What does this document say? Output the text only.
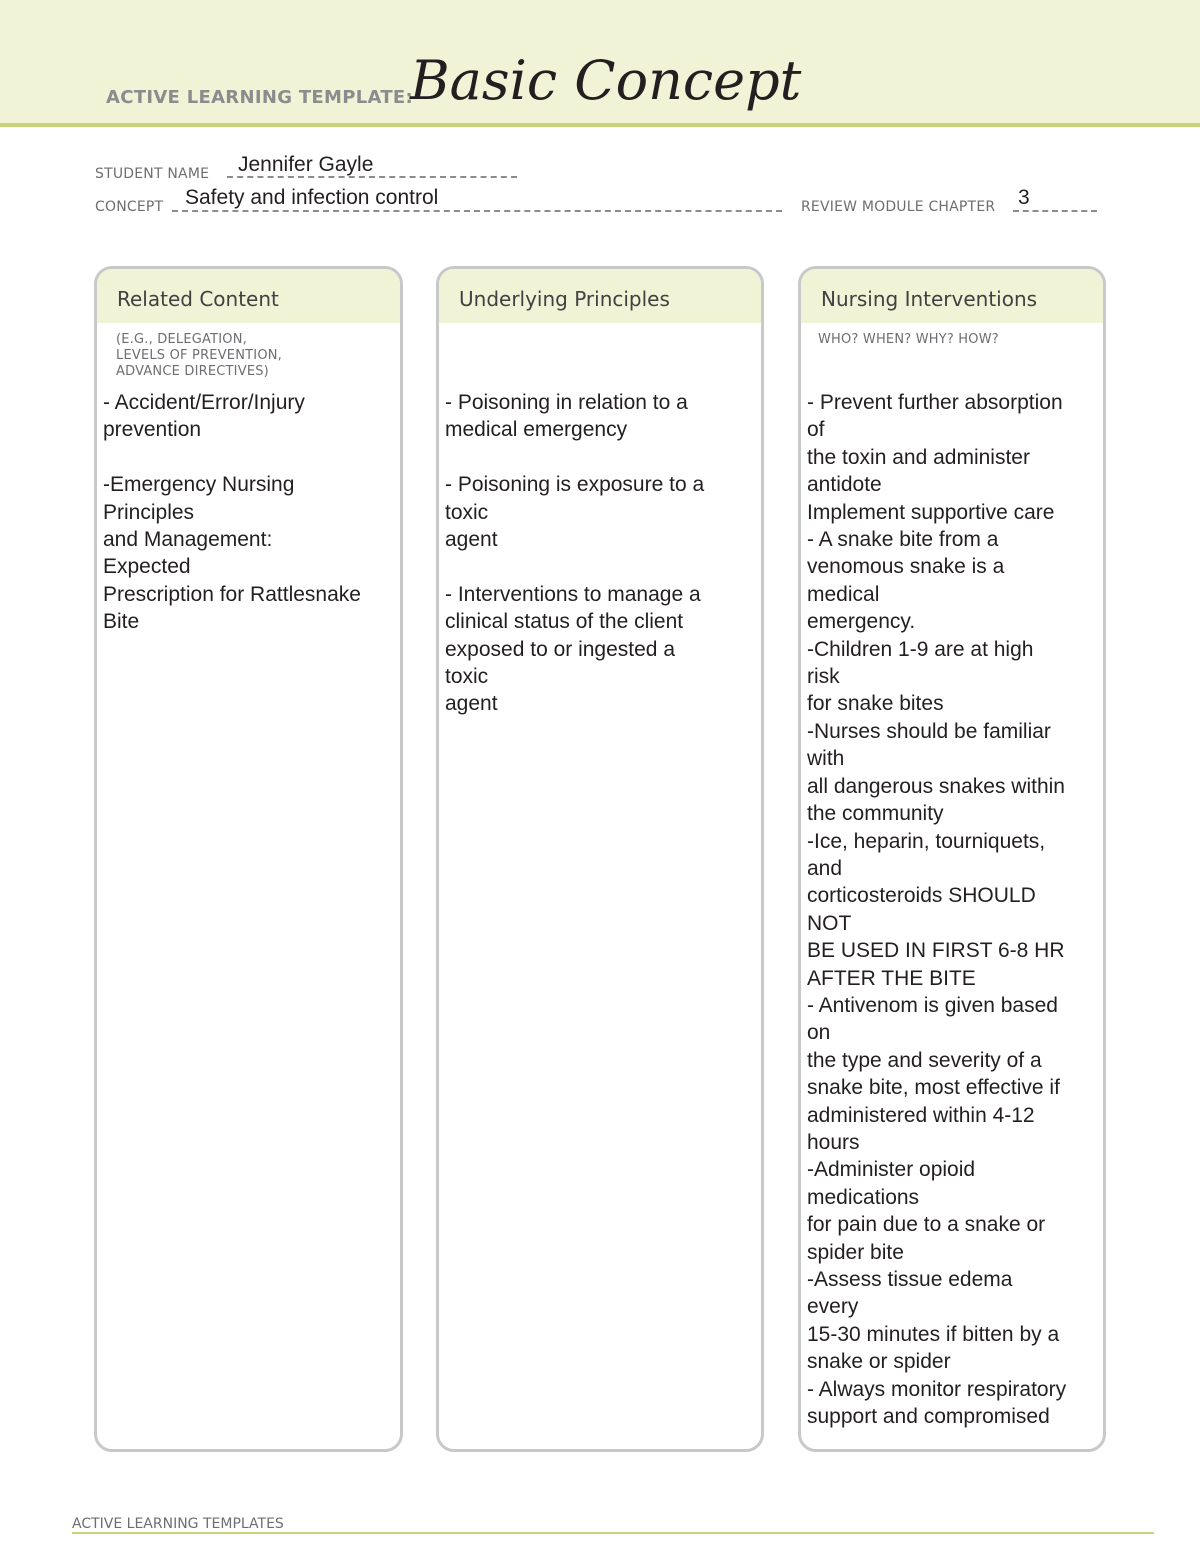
ACTIVE LEARNING TEMPLATE:
Basic Concept
STUDENT NAME Jennifer Gayle
CONCEPT Safety and infection control	REVIEW MODULE CHAPTER 3
Related Content
(E.G., DELEGATION,
LEVELS OF PREVENTION,
ADVANCE DIRECTIVES)
- Accident/Error/Injury
prevention

-Emergency Nursing
Principles
and Management:
Expected
Prescription for Rattlesnake
Bite
Underlying Principles
- Poisoning in relation to a
medical emergency

- Poisoning is exposure to a
toxic
agent

- Interventions to manage a
clinical status of the client
exposed to or ingested a
toxic
agent
Nursing Interventions
WHO? WHEN? WHY? HOW?
- Prevent further absorption
of
the toxin and administer
antidote
Implement supportive care
- A snake bite from a
venomous snake is a
medical
emergency.
-Children 1-9 are at high
risk
for snake bites
-Nurses should be familiar
with
all dangerous snakes within
the community
-Ice, heparin, tourniquets,
and
corticosteroids SHOULD
NOT
BE USED IN FIRST 6-8 HR
AFTER THE BITE
- Antivenom is given based
on
the type and severity of a
snake bite, most effective if
administered within 4-12
hours
-Administer opioid
medications
for pain due to a snake or
spider bite
-Assess tissue edema
every
15-30 minutes if bitten by a
snake or spider
- Always monitor respiratory
support and compromised
ACTIVE LEARNING TEMPLATES
